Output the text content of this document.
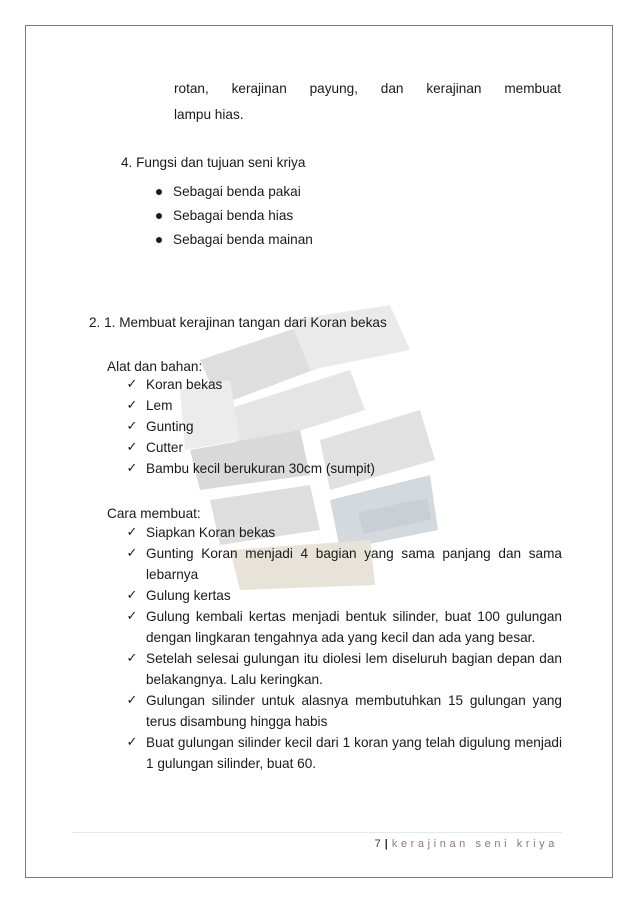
rotan, kerajinan payung, dan kerajinan membuat
lampu hias.
4. Fungsi dan tujuan seni kriya
Sebagai benda pakai
Sebagai benda hias
Sebagai benda mainan
2. 1. Membuat kerajinan tangan dari Koran bekas
Alat dan bahan:
✓ Koran bekas
✓ Lem
✓ Gunting
✓ Cutter
✓ Bambu kecil berukuran 30cm (sumpit)
Cara membuat:
✓ Siapkan Koran bekas
✓ Gunting Koran menjadi 4 bagian yang sama panjang dan sama lebarnya
✓ Gulung kertas
✓ Gulung kembali kertas menjadi bentuk silinder, buat 100 gulungan dengan lingkaran tengahnya ada yang kecil dan ada yang besar.
✓ Setelah selesai gulungan itu diolesi lem diseluruh bagian depan dan belakangnya. Lalu keringkan.
✓ Gulungan silinder untuk alasnya membutuhkan 15 gulungan yang terus disambung hingga habis
✓ Buat gulungan silinder kecil dari 1 koran yang telah digulung menjadi 1 gulungan silinder, buat 60.
7 | kerajinan seni kriya
